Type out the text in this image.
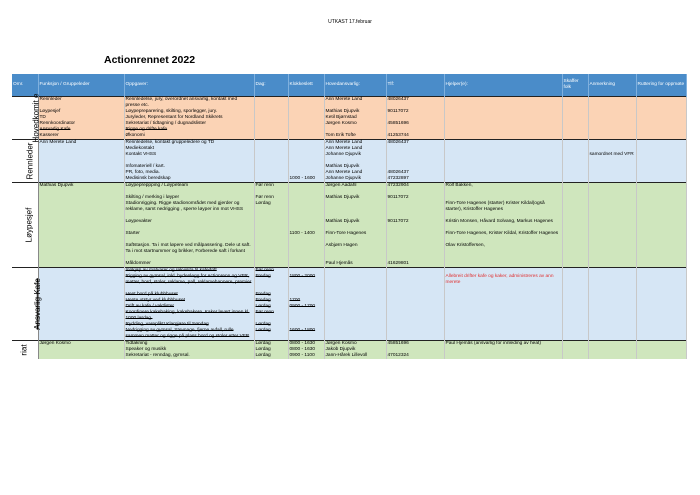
UTKAST 17.februar
Actionrennet 2022
Omr.	Funksjon / Gruppeleder	Oppgaver:	Dag:	Klokkeslett	Hovedansvarlig:	Tlf:	Hjelper(e):	Skaffer folk	Anmerkning	Ruttering for oppmøte
Hovedkomit e	Rennleder	Rennledelse, jury, overordnet ansvarlig, kontakt med presse etc.			Ann Merete Land	48026437				
	Løypesjef	Løypepreparering, skilting, sporlegger, jury.			Mathias Djupvik	90117072				
	TD	Juryleder, Representant for Nordland Skikrets			Ketil Bjørnstad					
	Rennkoordinator	Sekretariat / tidtagning / dugnadslister			Jørgen Kosmo	45851696				
	Ansvarlig Kafe	Rigge og drifte kafe								
	Kasserer	Økonomi			Tom Erik Tofte	41253744				
Rennleder	Ann Merete Land	Rennledelse, kontakt gruppeledere og TD			Ann Merete Land	48026437				
		Mediekontakt			Ann Merete Land					
		Kontakt VHSS			Johanne Djupvik				samordnet med VFR	
		Infomateriell / kart.			Mathias Djupvik					
		PR, foto, media.			Ann Merete Land	48026437				
		Medisinsk beredskap		1000 - 1600	Johanne Djupvik	47232897				
Løypesjef	Mathias Djupvik	Løypepreppping / Løypeteam	Før renn		Jørgen Aadahl	47232904	Rolf Bakken,			
		Skilting / merking i løyper	Før renn		Mathias Djupvik	90117072				
		Stadionrigging. Rigge stadionområdet med gjerder og reklame, samt nedrigging , sperre løyper inn mot VHSS	Lørdag				Finn-Tore Hagenes (starter) Krister Kildal(også starter), Kristoffer Hagenes			
		Løypevakter			Mathias Djupvik	90117072	Kristin Monsen, Håvard Solvang, Markus Hagenes			
		Starter		1100 - 1400	Finn-Tore Hagenes		Finn-Tore Hagenes, Krister Kildal, Kristoffer Hagenes			
		Saftstasjon. Ta i mot løpere ved målpassering. Dele ut saft. Ta i mot startnummer og brikker, Forberede saft i forkant			Asbjørn Hagen		Olav Kristoffersen,			
		Måldommer			Paul Hjemås	41629801				
Ansvarlig Kafe		Innkjøp av matvarer og rekvisita til kafedrift	Før renn							
		Rigging av gymsal, inkl. bydenlegg for Actionrenn og VFR, matter, bord, stoler, reklame, pall, reklamebannere, premier	Fredag	1800 - 2000			Allebreit drifter kafe og kaker, administreres av ann merete			
		Hent bord på klubbhuset	Fredag							
		Hente utstyr ved klubbhuset	Fredag	1700						
		Drift av kafe / vaktlister	Lørdag	0900 - 1700						
		Koordinere kakebaking, kakebakere. Kaker levert innen kl. 1000 lørdag.	Før renn							
		Rydding, vareplikt! Klargjøre til Søndag	Lørdag							
		Nedrigging av gymsal, Stevnage, fjerne avfall, rulle sammen matter og rigge på plass bord og stoler etter VFR	Lørdag	1600 - 1800						
riat	Jørgen Kosmo	Tidtakning	Lørdag	0800 - 1630	Jørgen Kosmo	45851696	Paul Hjemås (ansvarlig for innleding av heat)			
		Speaker og musikk	Lørdag	0800 - 1630	Jakob Djupvik					
		Sekretariat - renndag, gymsal.	Lørdag	0900 - 1100	Jann-Hårek Lillevoll	47012324				
